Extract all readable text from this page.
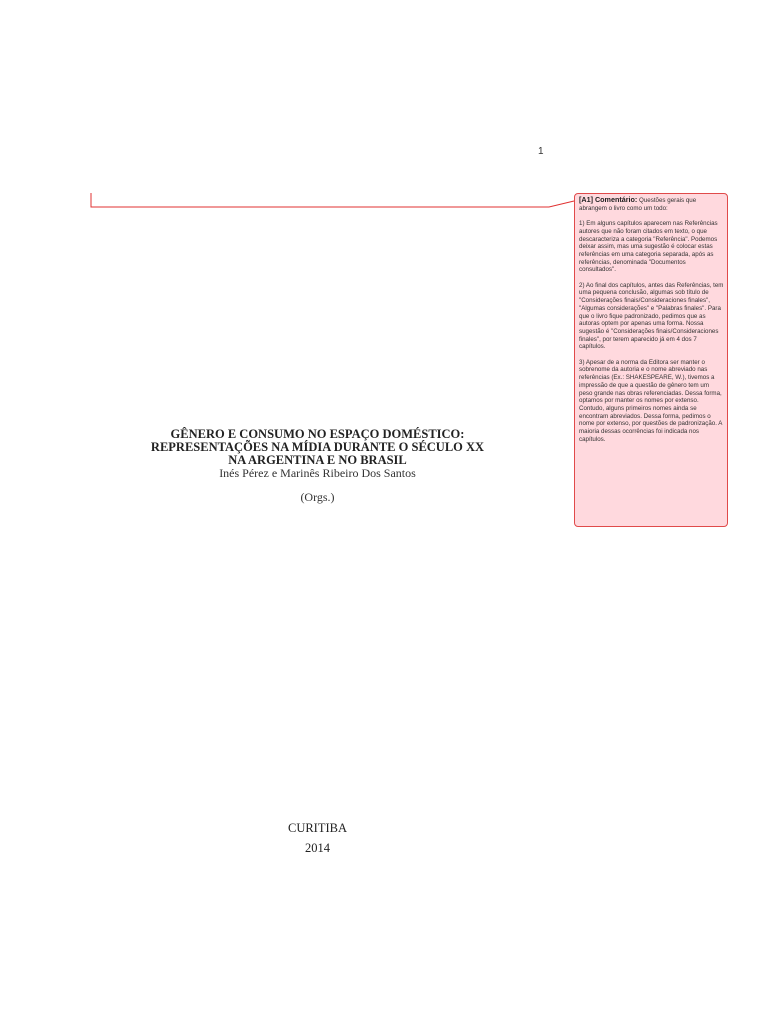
1
GÊNERO E CONSUMO NO ESPAÇO DOMÉSTICO:
REPRESENTAÇÕES NA MÍDIA DURANTE O SÉCULO XX
NA ARGENTINA E NO BRASIL
Inés Pérez e Marinês Ribeiro Dos Santos
(Orgs.)
CURITIBA
2014

[A1] Comentário: Questões gerais que abrangem o livro como um todo:

1) Em alguns capítulos aparecem nas Referências autores que não foram citados em texto, o que descaracteriza a categoria "Referência". Podemos deixar assim, mas uma sugestão é colocar estas referências em uma categoria separada, após as referências, denominada "Documentos consultados".

2) Ao final dos capítulos, antes das Referências, tem uma pequena conclusão, algumas sob título de "Considerações finais/Consideraciones finales", "Algumas considerações" e "Palabras finales". Para que o livro fique padronizado, pedimos que as autoras optem por apenas uma forma. Nossa sugestão é "Considerações finais/Consideraciones finales", por terem aparecido já em 4 dos 7 capítulos.

3) Apesar de a norma da Editora ser manter o sobrenome da autoria e o nome abreviado nas referências (Ex.: SHAKESPEARE, W.), tivemos a impressão de que a questão de gênero tem um peso grande nas obras referenciadas. Dessa forma, optamos por manter os nomes por extenso. Contudo, alguns primeiros nomes ainda se encontram abreviados. Dessa forma, pedimos o nome por extenso, por questões de padronização. A maioria dessas ocorrências foi indicada nos capítulos.
